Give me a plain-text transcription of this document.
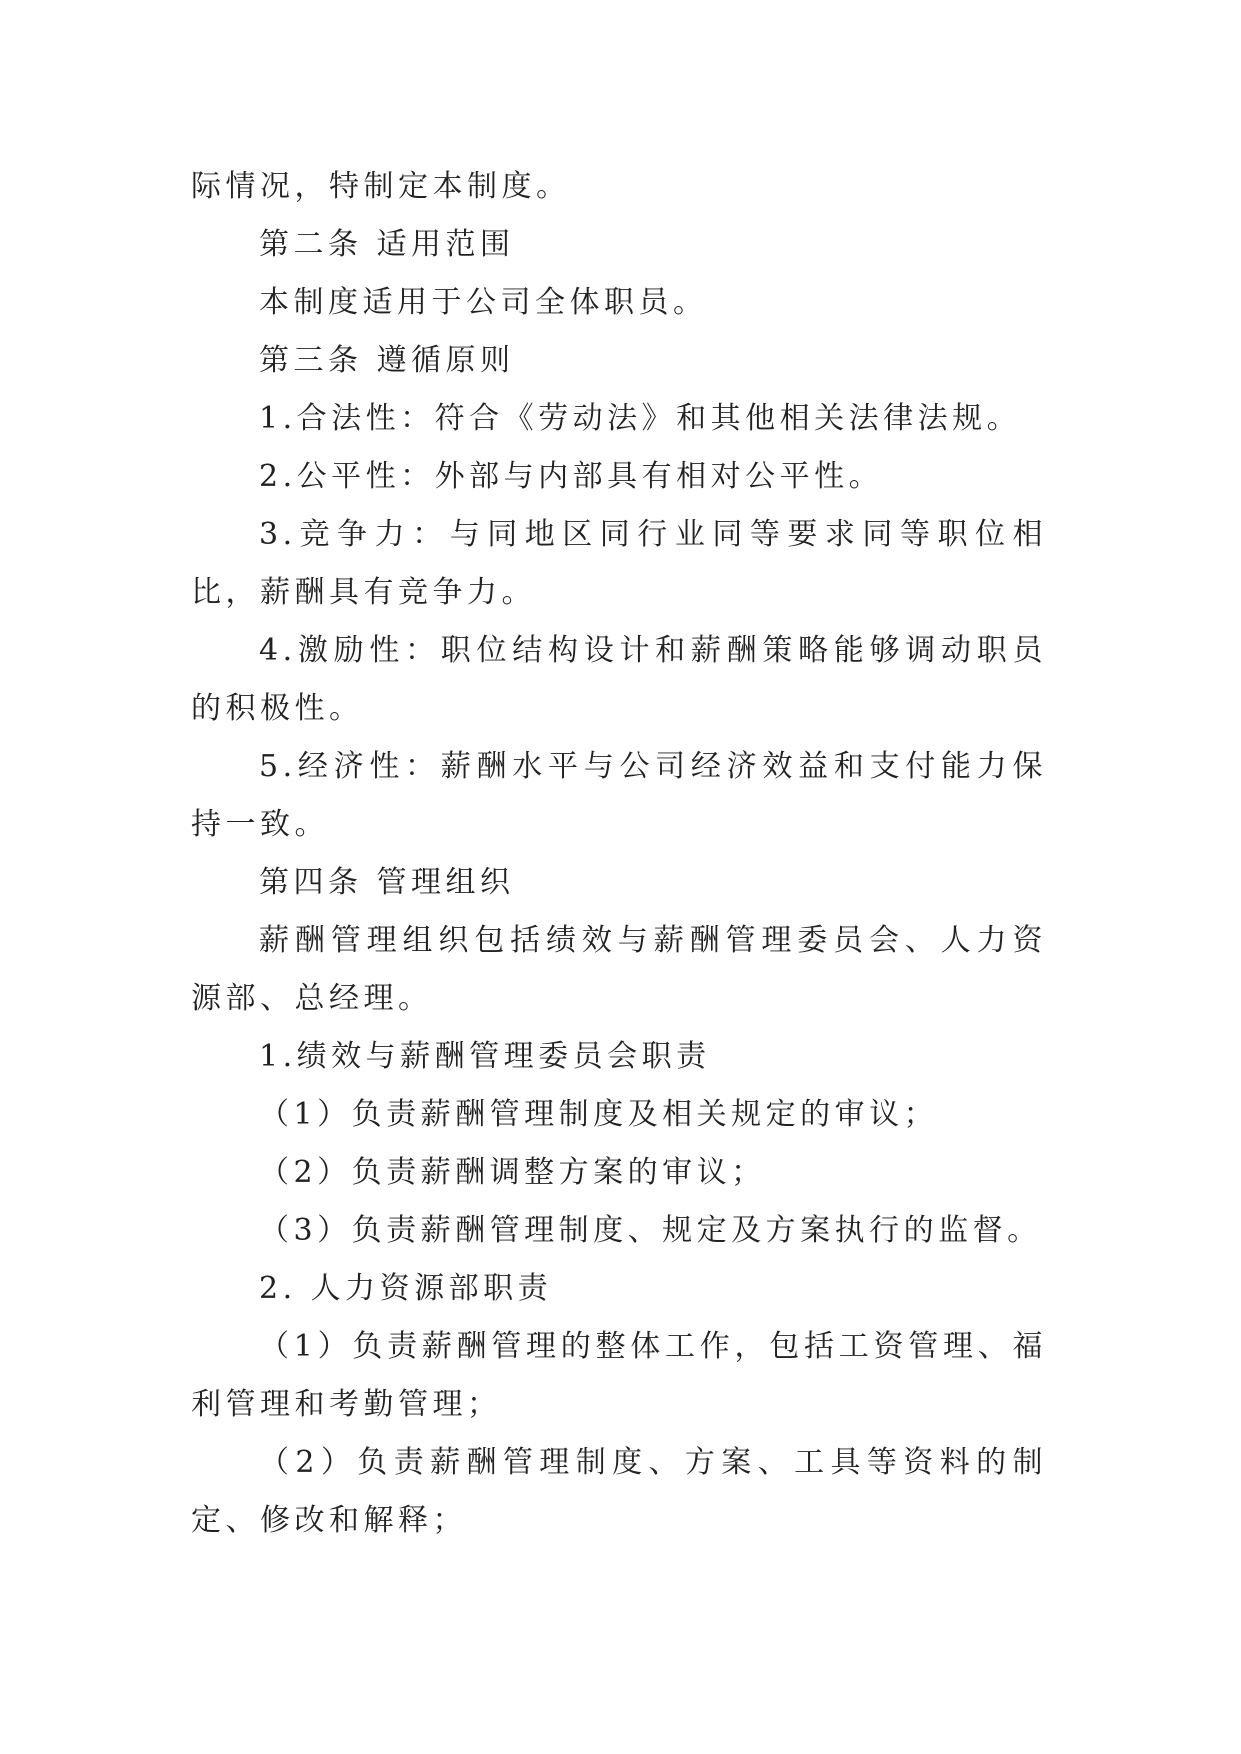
际情况，特制定本制度。

第二条 适用范围

本制度适用于公司全体职员。

第三条 遵循原则

1.合法性：符合《劳动法》和其他相关法律法规。

2.公平性：外部与内部具有相对公平性。

3.竞争力：与同地区同行业同等要求同等职位相比，薪酬具有竞争力。

4.激励性：职位结构设计和薪酬策略能够调动职员的积极性。

5.经济性：薪酬水平与公司经济效益和支付能力保持一致。

第四条 管理组织

薪酬管理组织包括绩效与薪酬管理委员会、人力资源部、总经理。

1.绩效与薪酬管理委员会职责

（1）负责薪酬管理制度及相关规定的审议；

（2）负责薪酬调整方案的审议；

（3）负责薪酬管理制度、规定及方案执行的监督。

2. 人力资源部职责

（1）负责薪酬管理的整体工作，包括工资管理、福利管理和考勤管理；

（2）负责薪酬管理制度、方案、工具等资料的制定、修改和解释；
